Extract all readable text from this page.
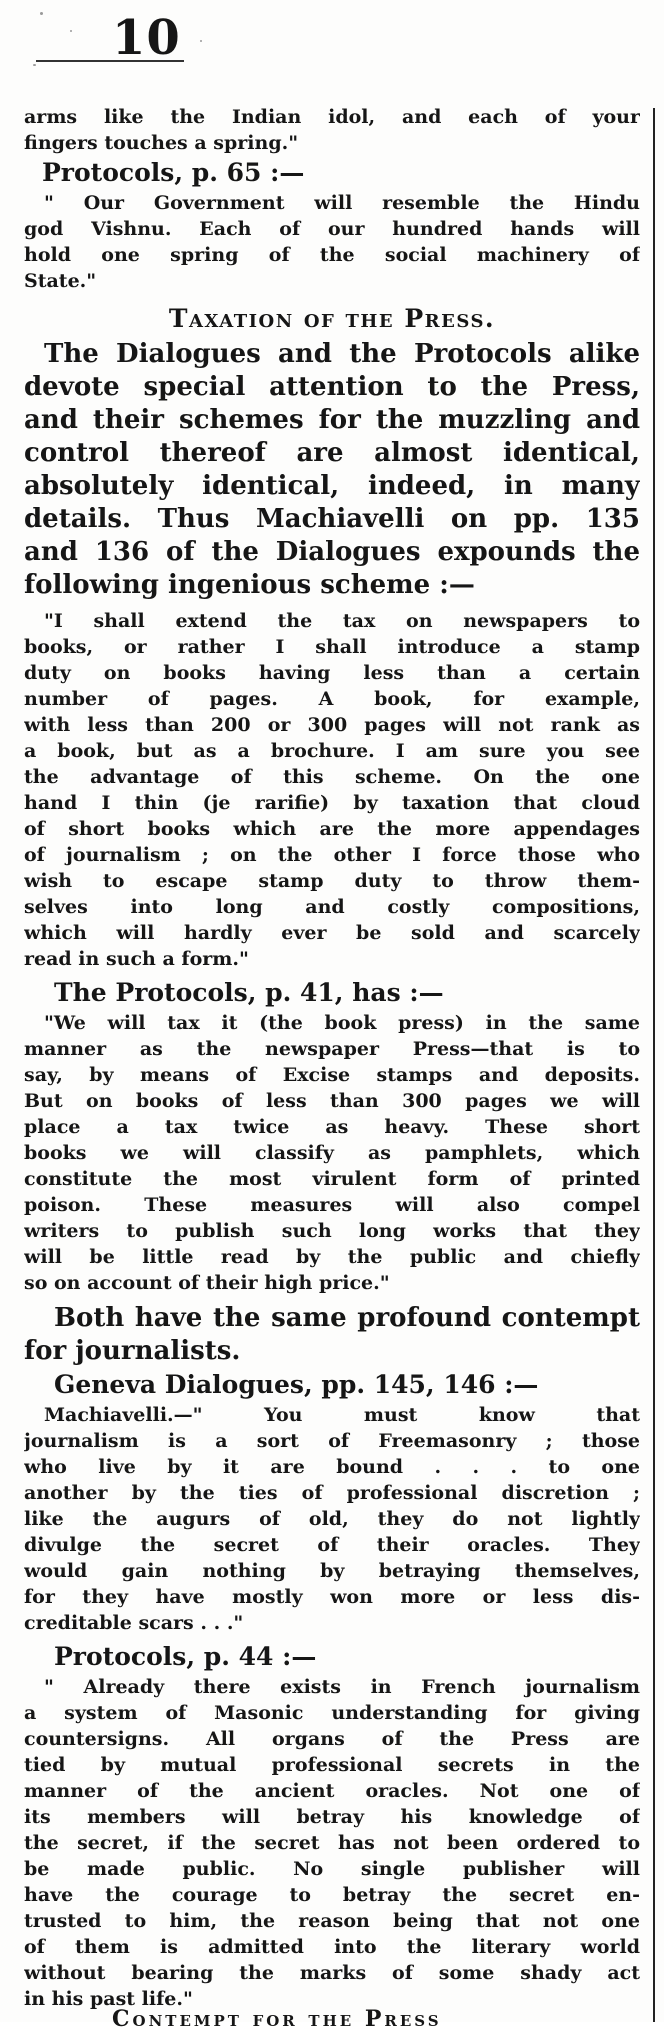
10

arms like the Indian idol, and each of your

fingers touches a spring."

Protocols, p. 65 :—

" Our Government will resemble the Hindu

god Vishnu. Each of our hundred hands will

hold one spring of the social machinery of

State."

Taxation of the Press.

The Dialogues and the Protocols alike

devote special attention to the Press,

and their schemes for the muzzling and

control thereof are almost identical,

absolutely identical, indeed, in many

details. Thus Machiavelli on pp. 135

and 136 of the Dialogues expounds the

following ingenious scheme :—

"I shall extend the tax on newspapers to

books, or rather I shall introduce a stamp

duty on books having less than a certain

number of pages. A book, for example,

with less than 200 or 300 pages will not rank as

a book, but as a brochure. I am sure you see

the advantage of this scheme. On the one

hand I thin (je rarifie) by taxation that cloud

of short books which are the more appendages

of journalism ; on the other I force those who

wish to escape stamp duty to throw them-

selves into long and costly compositions,

which will hardly ever be sold and scarcely

read in such a form."

The Protocols, p. 41, has :—

"We will tax it (the book press) in the same

manner as the newspaper Press—that is to

say, by means of Excise stamps and deposits.

But on books of less than 300 pages we will

place a tax twice as heavy. These short

books we will classify as pamphlets, which

constitute the most virulent form of printed

poison. These measures will also compel

writers to publish such long works that they

will be little read by the public and chiefly

so on account of their high price."

Both have the same profound contempt

for journalists.

Geneva Dialogues, pp. 145, 146 :—

Machiavelli.—" You must know that

journalism is a sort of Freemasonry ; those

who live by it are bound . . . to one

another by the ties of professional discretion ;

like the augurs of old, they do not lightly

divulge the secret of their oracles. They

would gain nothing by betraying themselves,

for they have mostly won more or less dis-

creditable scars . . ."

Protocols, p. 44 :—

" Already there exists in French journalism

a system of Masonic understanding for giving

countersigns. All organs of the Press are

tied by mutual professional secrets in the

manner of the ancient oracles. Not one of

its members will betray his knowledge of

the secret, if the secret has not been ordered to

be made public. No single publisher will

have the courage to betray the secret en-

trusted to him, the reason being that not one

of them is admitted into the literary world

without bearing the marks of some shady act

in his past life."

Contempt for the Press
